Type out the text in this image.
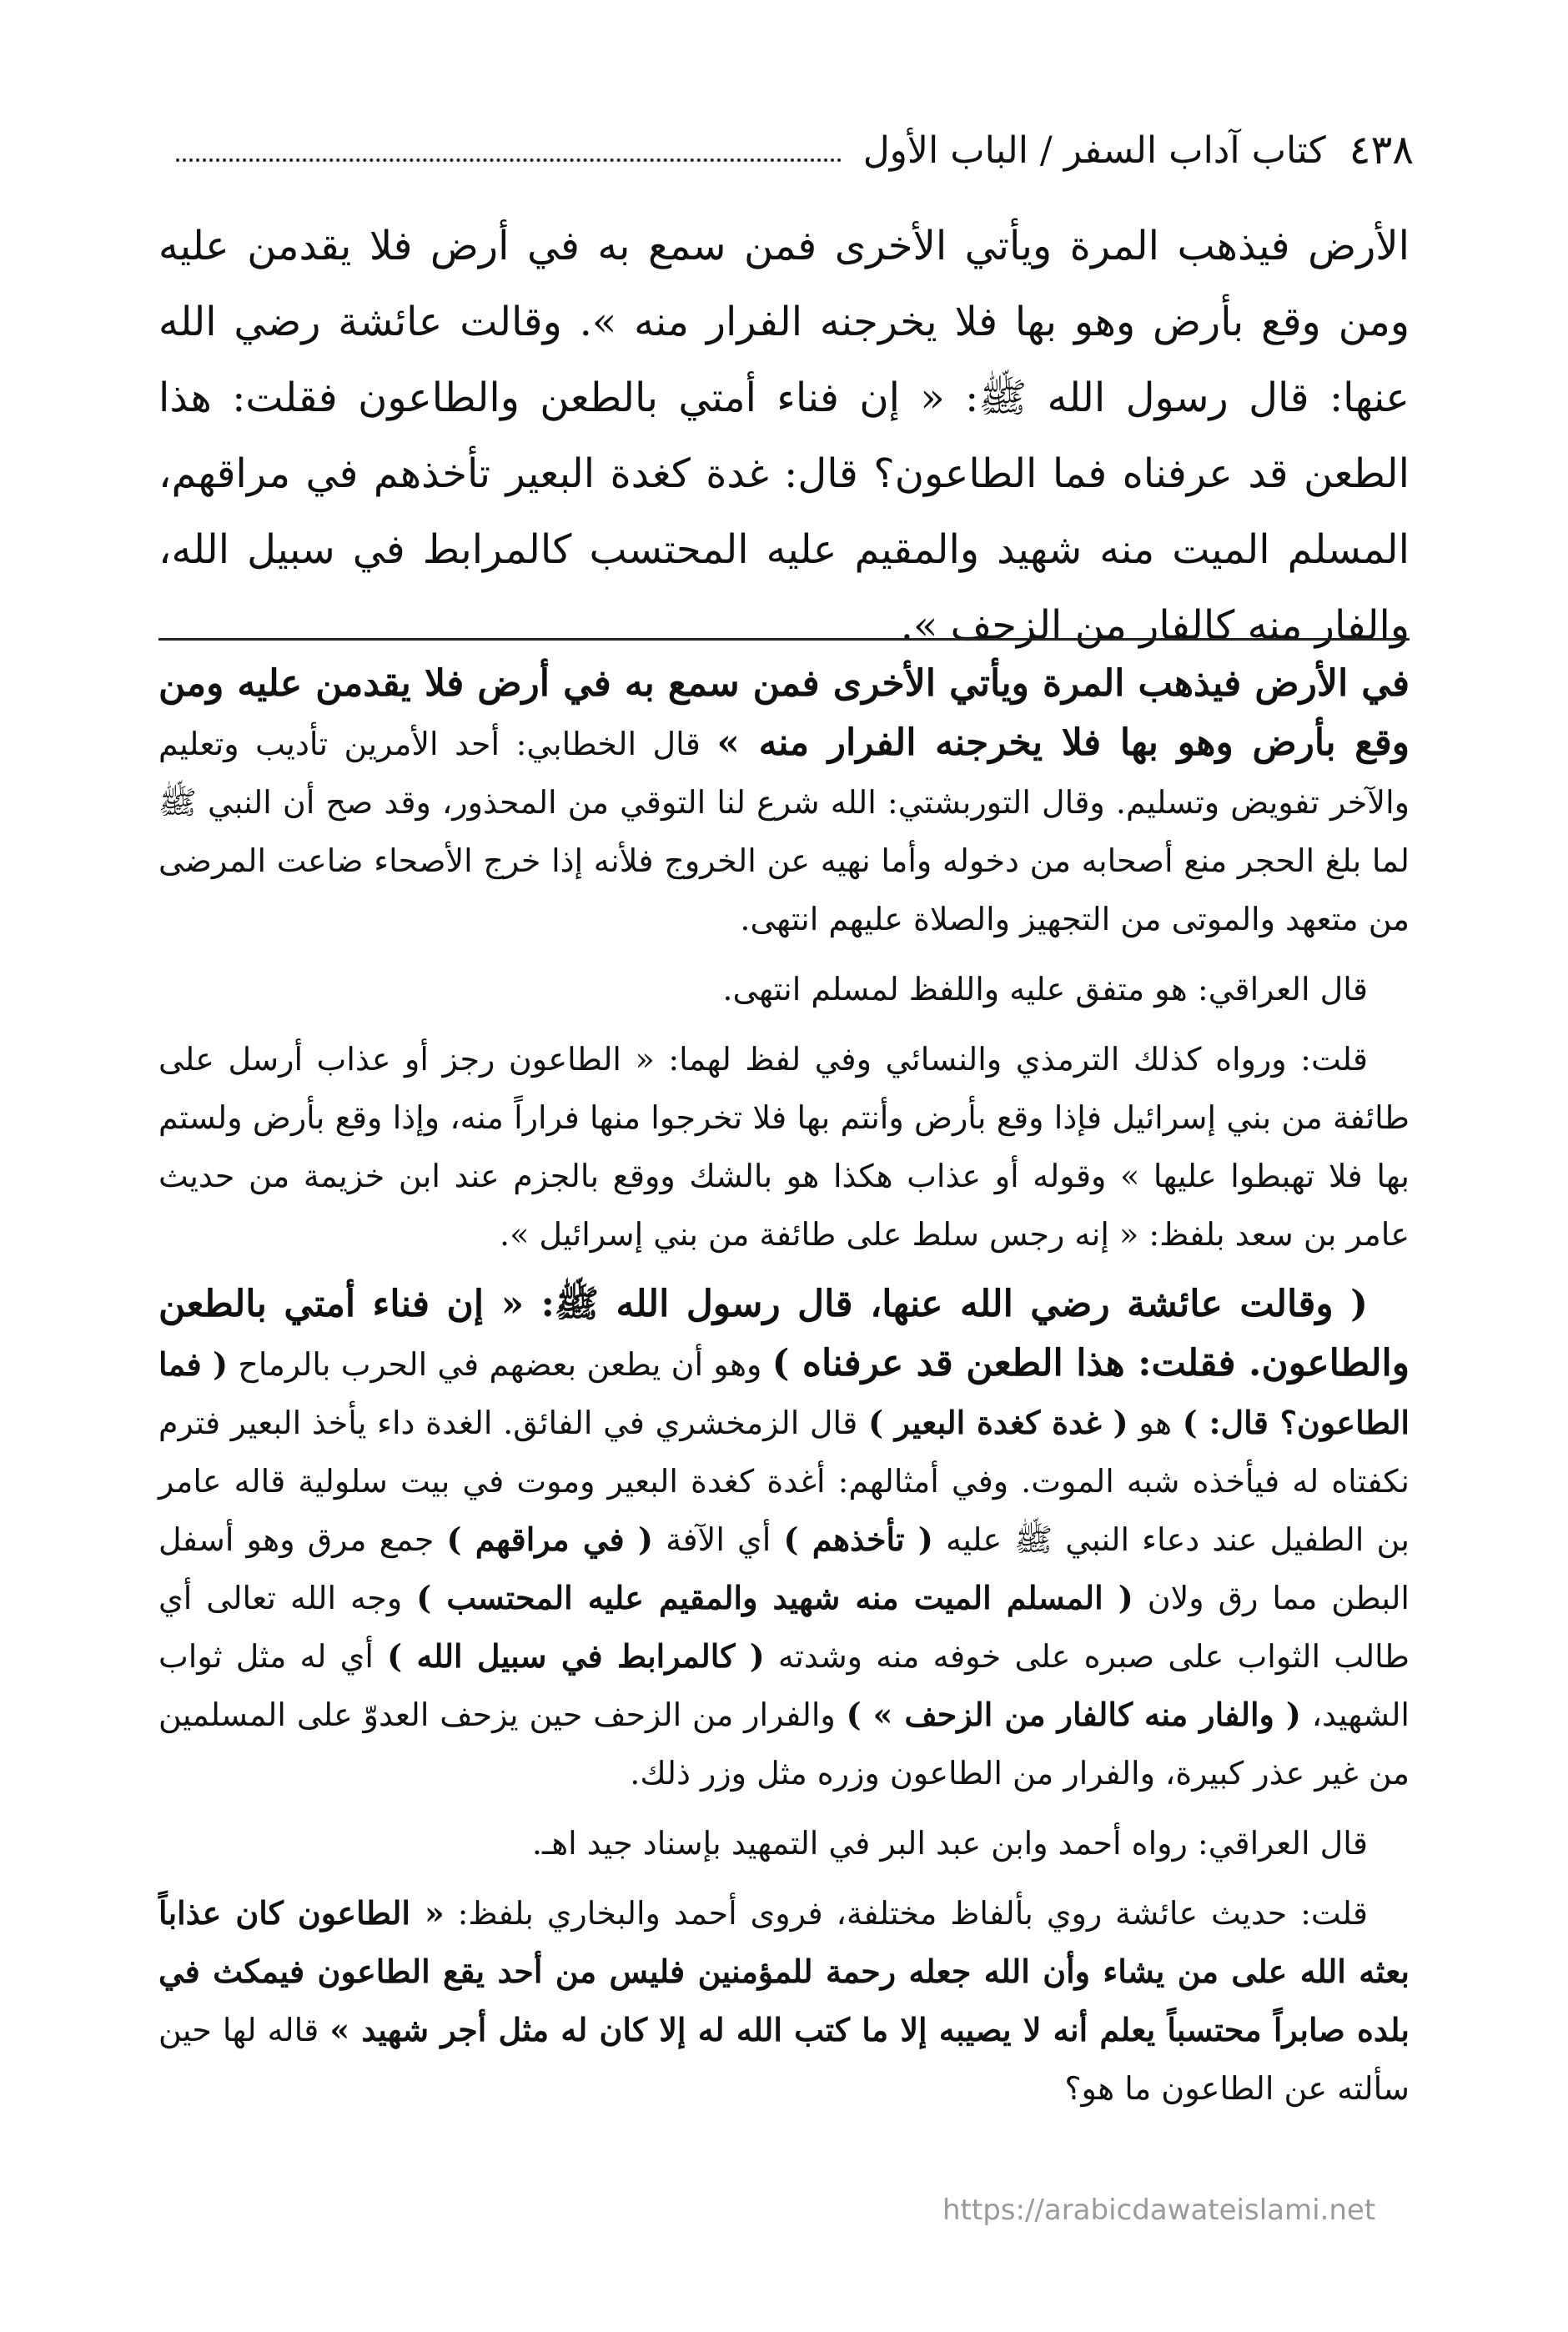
٤٣٨
كتاب آداب السفر / الباب الأول
الأرض فيذهب المرة ويأتي الأخرى فمن سمع به في أرض فلا يقدمن عليه ومن وقع بأرض وهو بها فلا يخرجنه الفرار منه ». وقالت عائشة رضي الله عنها: قال رسول الله ﷺ: « إن فناء أمتي بالطعن والطاعون فقلت: هذا الطعن قد عرفناه فما الطاعون؟ قال: غدة كغدة البعير تأخذهم في مراقهم، المسلم الميت منه شهيد والمقيم عليه المحتسب كالمرابط في سبيل الله، والفار منه كالفار من الزحف ».

في الأرض فيذهب المرة ويأتي الأخرى فمن سمع به في أرض فلا يقدمن عليه ومن وقع بأرض وهو بها فلا يخرجنه الفرار منه » قال الخطابي: أحد الأمرين تأديب وتعليم والآخر تفويض وتسليم. وقال التوربشتي: الله شرع لنا التوقي من المحذور، وقد صح أن النبي ﷺ لما بلغ الحجر منع أصحابه من دخوله وأما نهيه عن الخروج فلأنه إذا خرج الأصحاء ضاعت المرضى من متعهد والموتى من التجهيز والصلاة عليهم انتهى.

قال العراقي: هو متفق عليه واللفظ لمسلم انتهى.

قلت: ورواه كذلك الترمذي والنسائي وفي لفظ لهما: « الطاعون رجز أو عذاب أرسل على طائفة من بني إسرائيل فإذا وقع بأرض وأنتم بها فلا تخرجوا منها فراراً منه، وإذا وقع بأرض ولستم بها فلا تهبطوا عليها » وقوله أو عذاب هكذا هو بالشك ووقع بالجزم عند ابن خزيمة من حديث عامر بن سعد بلفظ: « إنه رجس سلط على طائفة من بني إسرائيل ».

( وقالت عائشة رضي الله عنها، قال رسول الله ﷺ: « إن فناء أمتي بالطعن والطاعون. فقلت: هذا الطعن قد عرفناه ) وهو أن يطعن بعضهم في الحرب بالرماح ( فما الطاعون؟ قال: ) هو ( غدة كغدة البعير ) قال الزمخشري في الفائق. الغدة داء يأخذ البعير فترم نكفتاه له فيأخذه شبه الموت. وفي أمثالهم: أغدة كغدة البعير وموت في بيت سلولية قاله عامر بن الطفيل عند دعاء النبي ﷺ عليه ( تأخذهم ) أي الآفة ( في مراقهم ) جمع مرق وهو أسفل البطن مما رق ولان ( المسلم الميت منه شهيد والمقيم عليه المحتسب ) وجه الله تعالى أي طالب الثواب على صبره على خوفه منه وشدته ( كالمرابط في سبيل الله ) أي له مثل ثواب الشهيد، ( والفار منه كالفار من الزحف » ) والفرار من الزحف حين يزحف العدوّ على المسلمين من غير عذر كبيرة، والفرار من الطاعون وزره مثل وزر ذلك.

قال العراقي: رواه أحمد وابن عبد البر في التمهيد بإسناد جيد اهـ.

قلت: حديث عائشة روي بألفاظ مختلفة، فروى أحمد والبخاري بلفظ: « الطاعون كان عذاباً بعثه الله على من يشاء وأن الله جعله رحمة للمؤمنين فليس من أحد يقع الطاعون فيمكث في بلده صابراً محتسباً يعلم أنه لا يصيبه إلا ما كتب الله له إلا كان له مثل أجر شهيد » قاله لها حين سألته عن الطاعون ما هو؟

https://arabicdawateislami.net
